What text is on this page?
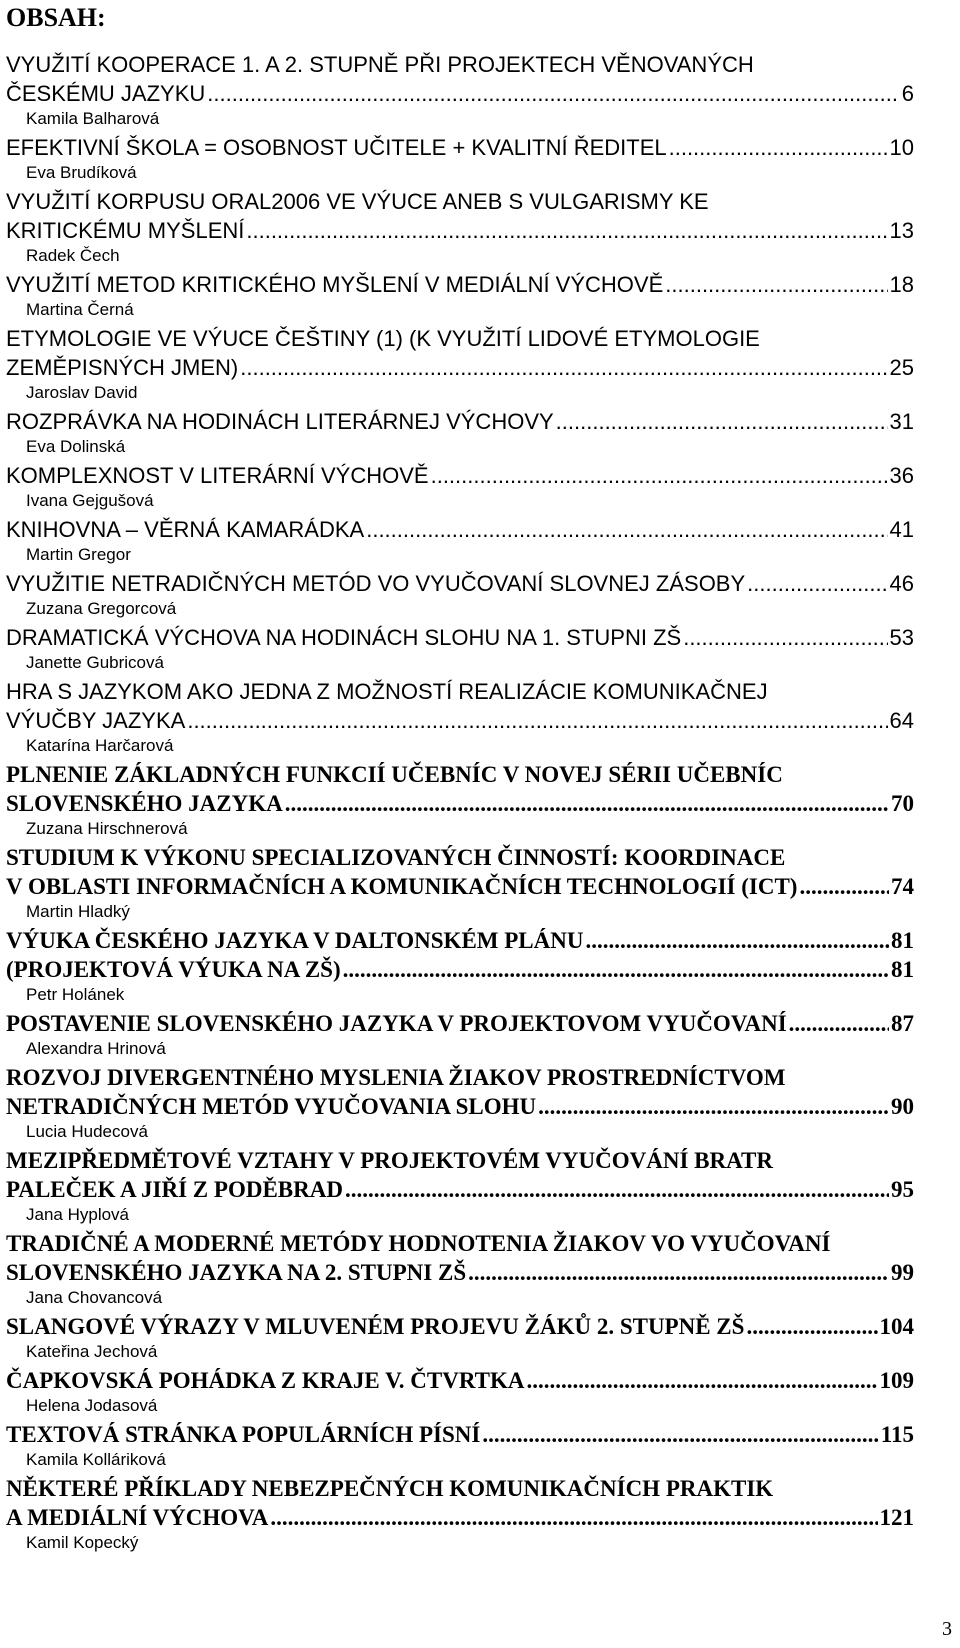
OBSAH:
VYUŽITÍ KOOPERACE 1. A 2. STUPNĚ PŘI PROJEKTECH VĚNOVANÝCH
ČESKÉMU JAZYKU .....	6
Kamila Balharová
EFEKTIVNÍ ŠKOLA = OSOBNOST UČITELE + KVALITNÍ ŘEDITEL .....	10
Eva Brudíková
VYUŽITÍ KORPUSU ORAL2006 VE VÝUCE ANEB S VULGARISMY KE
KRITICKÉMU MYŠLENÍ .....	13
Radek Čech
VYUŽITÍ METOD KRITICKÉHO MYŠLENÍ V MEDIÁLNÍ VÝCHOVĚ .....	18
Martina Černá
ETYMOLOGIE VE VÝUCE ČEŠTINY (1) (K VYUŽITÍ LIDOVÉ ETYMOLOGIE
ZEMĚPISNÝCH JMEN) .....	25
Jaroslav David
ROZPRÁVKA NA HODINÁCH LITERÁRNEJ VÝCHOVY .....	31
Eva Dolinská
KOMPLEXNOST V LITERÁRNÍ VÝCHOVĚ .....	36
Ivana Gejgušová
KNIHOVNA – VĚRNÁ KAMARÁDKA .....	41
Martin Gregor
VYUŽITIE NETRADIČNÝCH METÓD VO VYUČOVANÍ SLOVNEJ ZÁSOBY .....	46
Zuzana Gregorcová
DRAMATICKÁ VÝCHOVA NA HODINÁCH SLOHU NA 1. STUPNI ZŠ .....	53
Janette Gubricová
HRA S JAZYKOM AKO JEDNA Z MOŽNOSTÍ REALIZÁCIE KOMUNIKAČNEJ
VÝUČBY JAZYKA .....	64
Katarína Harčarová
PLNENIE ZÁKLADNÝCH FUNKCIÍ UČEBNÍC V NOVEJ SÉRII UČEBNÍC
SLOVENSKÉHO JAZYKA .....	70
Zuzana Hirschnerová
STUDIUM K VÝKONU SPECIALIZOVANÝCH ČINNOSTÍ: KOORDINACE
V OBLASTI INFORMAČNÍCH A KOMUNIKAČNÍCH TECHNOLOGIÍ (ICT) .....	74
Martin Hladký
VÝUKA ČESKÉHO JAZYKA V DALTONSKÉM PLÁNU .....	81
(PROJEKTOVÁ VÝUKA NA ZŠ) .....	81
Petr Holánek
POSTAVENIE SLOVENSKÉHO JAZYKA V PROJEKTOVOM VYUČOVANÍ .....	87
Alexandra Hrinová
ROZVOJ DIVERGENTNÉHO MYSLENIA ŽIAKOV PROSTREDNÍCTVOM
NETRADIČNÝCH METÓD VYUČOVANIA SLOHU .....	90
Lucia Hudecová
MEZIPŘEDMĚTOVÉ VZTAHY V PROJEKTOVÉM VYUČOVÁNÍ BRATR
PALEČEK A JIŘÍ Z PODĚBRAD .....	95
Jana Hyplová
TRADIČNÉ A MODERNÉ METÓDY HODNOTENIA ŽIAKOV VO VYUČOVANÍ
SLOVENSKÉHO JAZYKA NA 2. STUPNI ZŠ .....	99
Jana Chovancová
SLANGOVÉ VÝRAZY V MLUVENÉM PROJEVU ŽÁKŮ 2. STUPNĚ ZŠ .....	104
Kateřina Jechová
ČAPKOVSKÁ POHÁDKA Z KRAJE V. ČTVRTKA .....	109
Helena Jodasová
TEXTOVÁ STRÁNKA POPULÁRNÍCH PÍSNÍ .....	115
Kamila Kolláriková
NĚKTERÉ PŘÍKLADY NEBEZPEČNÝCH KOMUNIKAČNÍCH PRAKTIK
A MEDIÁLNÍ VÝCHOVA .....	121
Kamil Kopecký
3
